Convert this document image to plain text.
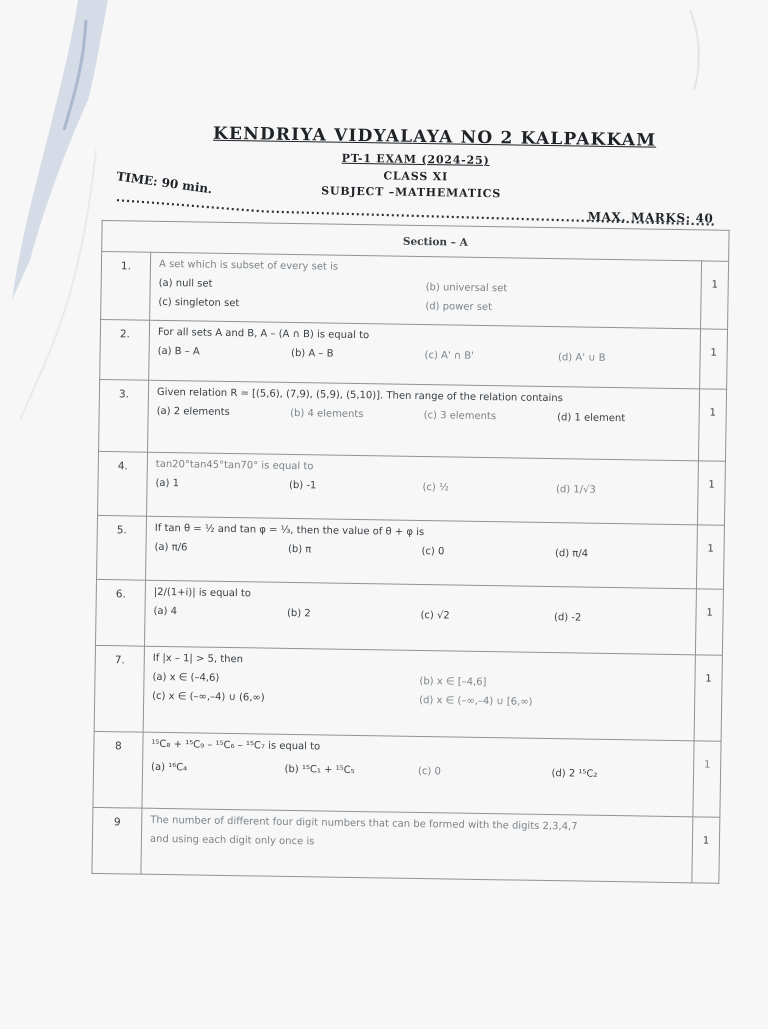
KENDRIYA VIDYALAYA NO 2 KALPAKKAM
PT-1 EXAM (2024-25)
CLASS XI
SUBJECT –MATHEMATICS
TIME: 90 min.
MAX. MARKS: 40
Section – A		

1.	A set which is subset of every set is
(a) null set (b) universal set
(c) singleton set (d) power set	1
2.	For all sets A and B, A – (A ∩ B) is equal to
(a) B – A (b) A – B (c) A' ∩ B' (d) A' ∪ B	1
3.	Given relation R = [(5,6), (7,9), (5,9), (5,10)]. Then range of the relation contains
(a) 2 elements (b) 4 elements (c) 3 elements (d) 1 element	1
4.	tan20°tan45°tan70° is equal to
(a) 1 (b) -1 (c) ½ (d) 1/√3	1
5.	If tan θ = ½ and tan φ = ⅓, then the value of θ + φ is
(a) π/6 (b) π (c) 0 (d) π/4	1
6.	|2/(1+i)| is equal to
(a) 4 (b) 2 (c) √2 (d) -2	1
7.	If |x – 1| > 5, then
(a) x ∈ (–4,6) (b) x ∈ [–4,6]
(c) x ∈ (–∞,–4) ∪ (6,∞) (d) x ∈ (–∞,–4) ∪ [6,∞)	1
8	¹⁵C₈ + ¹⁵C₉ – ¹⁵C₆ – ¹⁵C₇ is equal to
(a) ¹⁶C₄ (b) ¹⁵C₁ + ¹⁵C₅ (c) 0 (d) 2 ¹⁵C₂	1
9	The number of different four digit numbers that can be formed with the digits 2,3,4,7
and using each digit only once is	1
